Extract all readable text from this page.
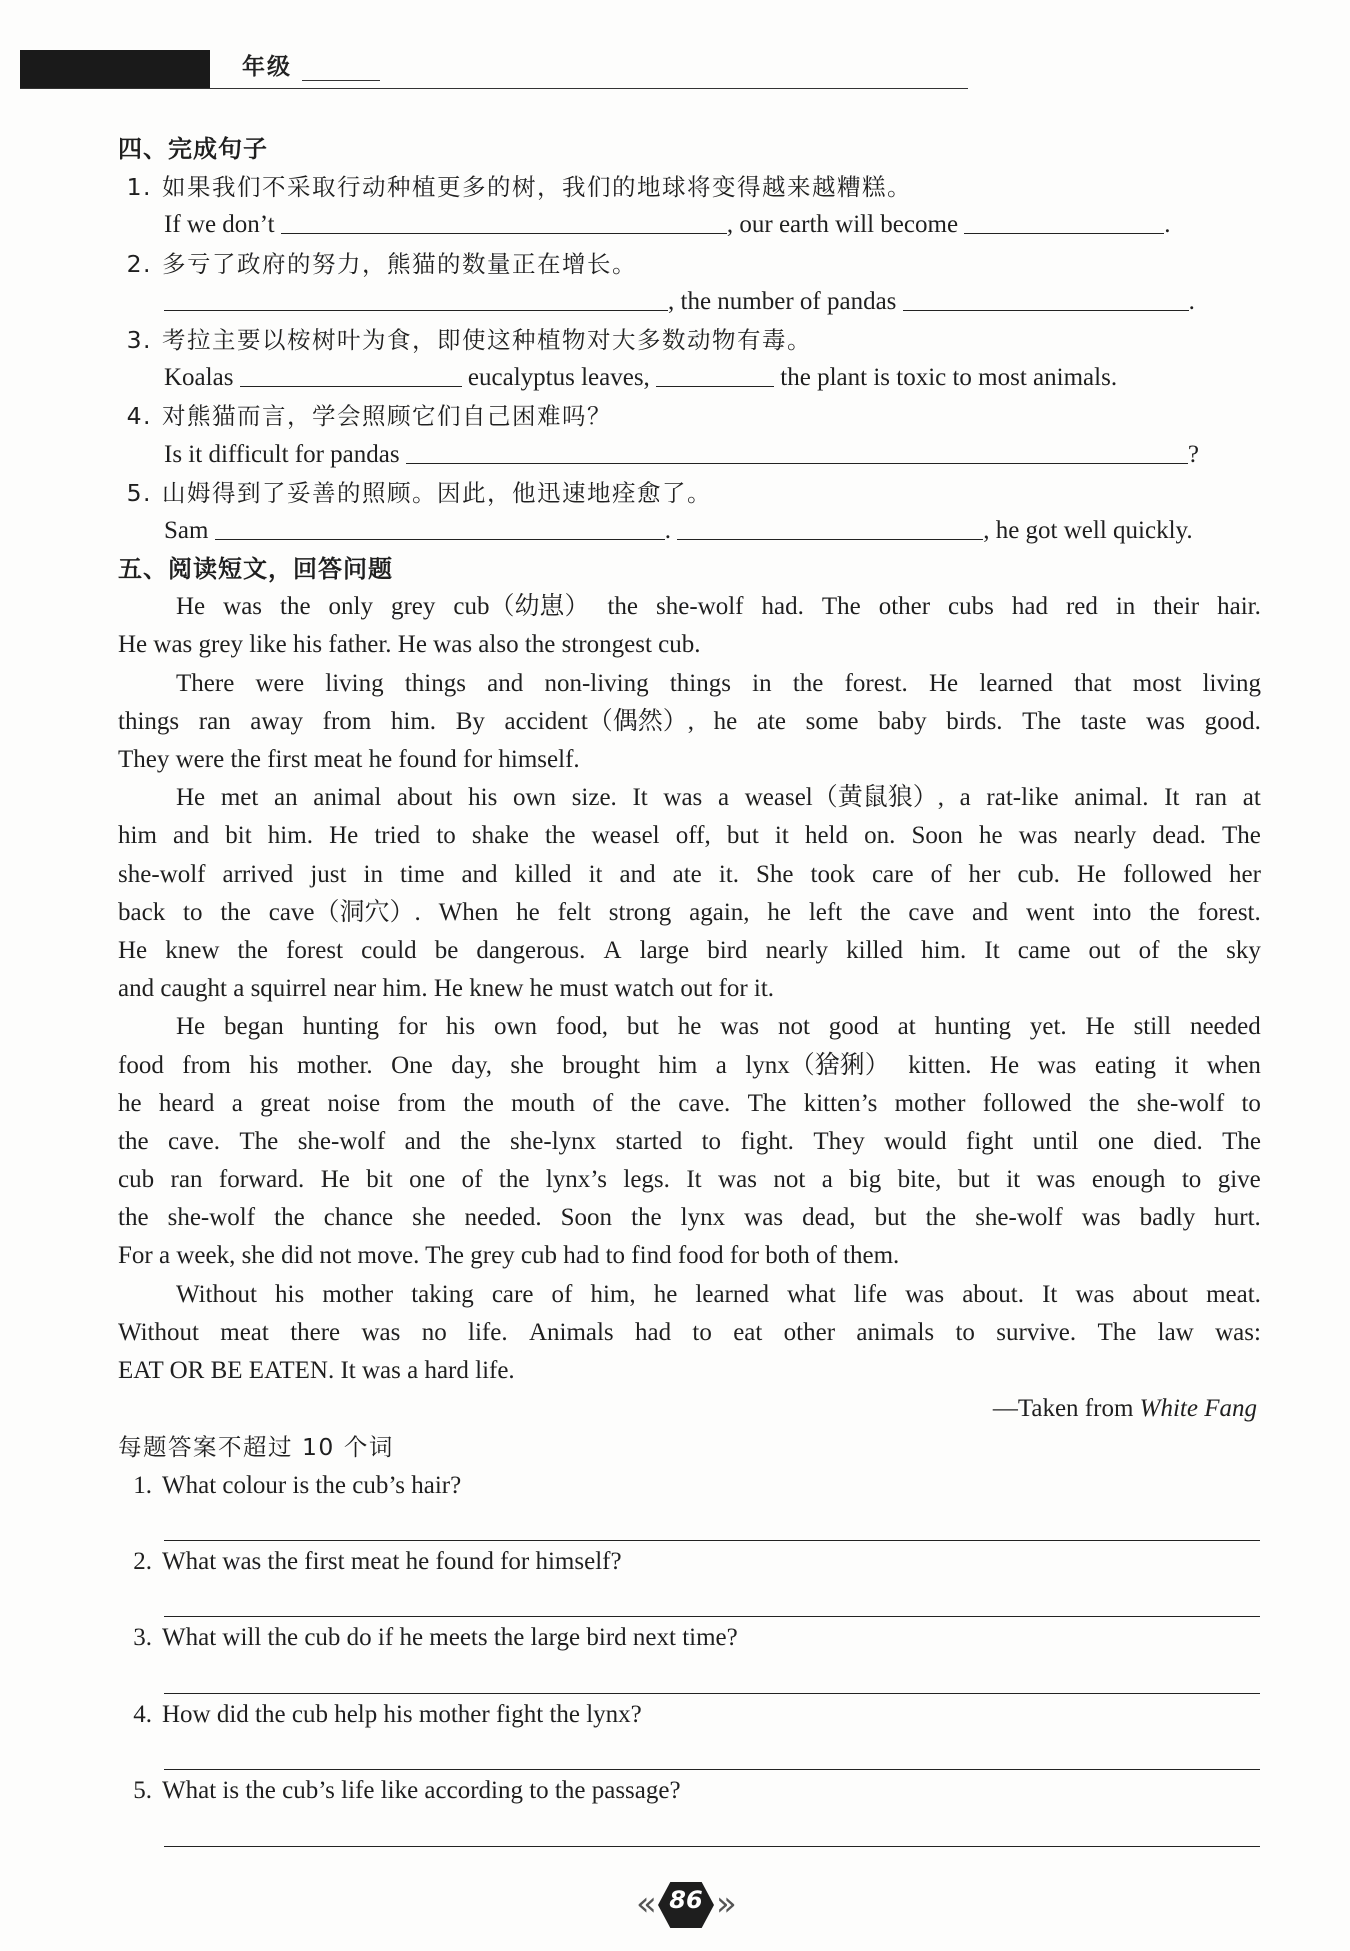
年级
四、完成句子
1. 如果我们不采取行动种植更多的树，我们的地球将变得越来越糟糕。
If we don’t	, our earth will become	.
2. 多亏了政府的努力，熊猫的数量正在增长。
, the number of pandas	.
3. 考拉主要以桉树叶为食，即使这种植物对大多数动物有毒。
Koalas	eucalyptus leaves,	the plant is toxic to most animals.
4. 对熊猫而言，学会照顾它们自己困难吗？
Is it difficult for pandas	?
5. 山姆得到了妥善的照顾。因此，他迅速地痊愈了。
Sam	.	, he got well quickly.
五、阅读短文，回答问题
He was the only grey cub（幼崽） the she-wolf had. The other cubs had red in their hair.
He was grey like his father. He was also the strongest cub.
There were living things and non-living things in the forest. He learned that most living
things ran away from him. By accident（偶然）, he ate some baby birds. The taste was good.
They were the first meat he found for himself.
He met an animal about his own size. It was a weasel（黄鼠狼）, a rat-like animal. It ran at
him and bit him. He tried to shake the weasel off, but it held on. Soon he was nearly dead. The
she-wolf arrived just in time and killed it and ate it. She took care of her cub. He followed her
back to the cave（洞穴）. When he felt strong again, he left the cave and went into the forest.
He knew the forest could be dangerous. A large bird nearly killed him. It came out of the sky
and caught a squirrel near him. He knew he must watch out for it.
He began hunting for his own food, but he was not good at hunting yet. He still needed
food from his mother. One day, she brought him a lynx（猞猁） kitten. He was eating it when
he heard a great noise from the mouth of the cave. The kitten’s mother followed the she-wolf to
the cave. The she-wolf and the she-lynx started to fight. They would fight until one died. The
cub ran forward. He bit one of the lynx’s legs. It was not a big bite, but it was enough to give
the she-wolf the chance she needed. Soon the lynx was dead, but the she-wolf was badly hurt.
For a week, she did not move. The grey cub had to find food for both of them.
Without his mother taking care of him, he learned what life was about. It was about meat.
Without meat there was no life. Animals had to eat other animals to survive. The law was:
EAT OR BE EATEN. It was a hard life.
—Taken from White Fang
每题答案不超过 10 个词
1. What colour is the cub’s hair?
2. What was the first meat he found for himself?
3. What will the cub do if he meets the large bird next time?
4. How did the cub help his mother fight the lynx?
5. What is the cub’s life like according to the passage?
« 86 »
